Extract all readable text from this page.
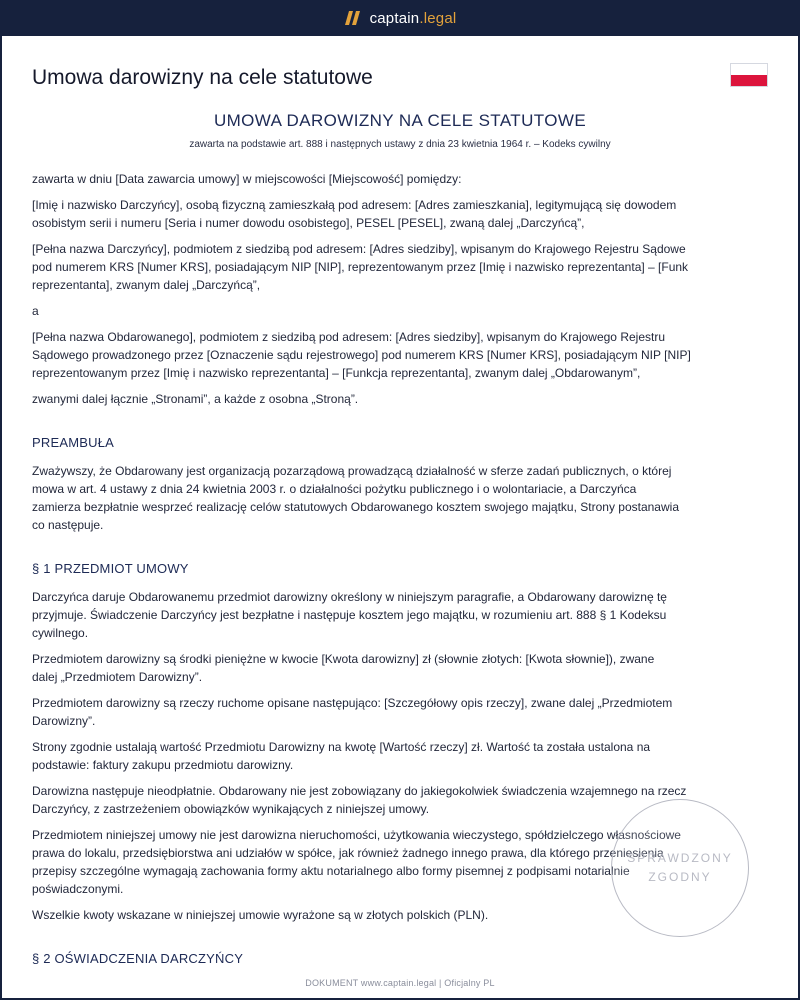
captain.legal
Umowa darowizny na cele statutowe
UMOWA DAROWIZNY NA CELE STATUTOWE
zawarta na podstawie art. 888 i następnych ustawy z dnia 23 kwietnia 1964 r. – Kodeks cywilny

zawarta w dniu [Data zawarcia umowy] w miejscowości [Miejscowość] pomiędzy:

[Imię i nazwisko Darczyńcy], osobą fizyczną zamieszkałą pod adresem: [Adres zamieszkania], legitymującą się dowodem
osobistym serii i numeru [Seria i numer dowodu osobistego], PESEL [PESEL], zwaną dalej „Darczyńcą”,

[Pełna nazwa Darczyńcy], podmiotem z siedzibą pod adresem: [Adres siedziby], wpisanym do Krajowego Rejestru Sądowe
pod numerem KRS [Numer KRS], posiadającym NIP [NIP], reprezentowanym przez [Imię i nazwisko reprezentanta] – [Funk
reprezentanta], zwanym dalej „Darczyńcą”,

a

[Pełna nazwa Obdarowanego], podmiotem z siedzibą pod adresem: [Adres siedziby], wpisanym do Krajowego Rejestru
Sądowego prowadzonego przez [Oznaczenie sądu rejestrowego] pod numerem KRS [Numer KRS], posiadającym NIP [NIP]
reprezentowanym przez [Imię i nazwisko reprezentanta] – [Funkcja reprezentanta], zwanym dalej „Obdarowanym”,

zwanymi dalej łącznie „Stronami”, a każde z osobna „Stroną”.

PREAMBUŁA

Zważywszy, że Obdarowany jest organizacją pozarządową prowadzącą działalność w sferze zadań publicznych, o której
mowa w art. 4 ustawy z dnia 24 kwietnia 2003 r. o działalności pożytku publicznego i o wolontariacie, a Darczyńca
zamierza bezpłatnie wesprzeć realizację celów statutowych Obdarowanego kosztem swojego majątku, Strony postanawia
co następuje.

§ 1 PRZEDMIOT UMOWY

Darczyńca daruje Obdarowanemu przedmiot darowizny określony w niniejszym paragrafie, a Obdarowany darowiznę tę
przyjmuje. Świadczenie Darczyńcy jest bezpłatne i następuje kosztem jego majątku, w rozumieniu art. 888 § 1 Kodeksu
cywilnego.

Przedmiotem darowizny są środki pieniężne w kwocie [Kwota darowizny] zł (słownie złotych: [Kwota słownie]), zwane
dalej „Przedmiotem Darowizny”.

Przedmiotem darowizny są rzeczy ruchome opisane następująco: [Szczegółowy opis rzeczy], zwane dalej „Przedmiotem
Darowizny”.

Strony zgodnie ustalają wartość Przedmiotu Darowizny na kwotę [Wartość rzeczy] zł. Wartość ta została ustalona na
podstawie: faktury zakupu przedmiotu darowizny.

Darowizna następuje nieodpłatnie. Obdarowany nie jest zobowiązany do jakiegokolwiek świadczenia wzajemnego na rzecz
Darczyńcy, z zastrzeżeniem obowiązków wynikających z niniejszej umowy.

Przedmiotem niniejszej umowy nie jest darowizna nieruchomości, użytkowania wieczystego, spółdzielczego własnościowe
prawa do lokalu, przedsiębiorstwa ani udziałów w spółce, jak również żadnego innego prawa, dla którego przeniesienia
przepisy szczególne wymagają zachowania formy aktu notarialnego albo formy pisemnej z podpisami notarialnie
poświadczonymi.

Wszelkie kwoty wskazane w niniejszej umowie wyrażone są w złotych polskich (PLN).

§ 2 OŚWIADCZENIA DARCZYŃCY
SPRAWDZONY
ZGODNY
DOKUMENT www.captain.legal | Oficjalny PL
